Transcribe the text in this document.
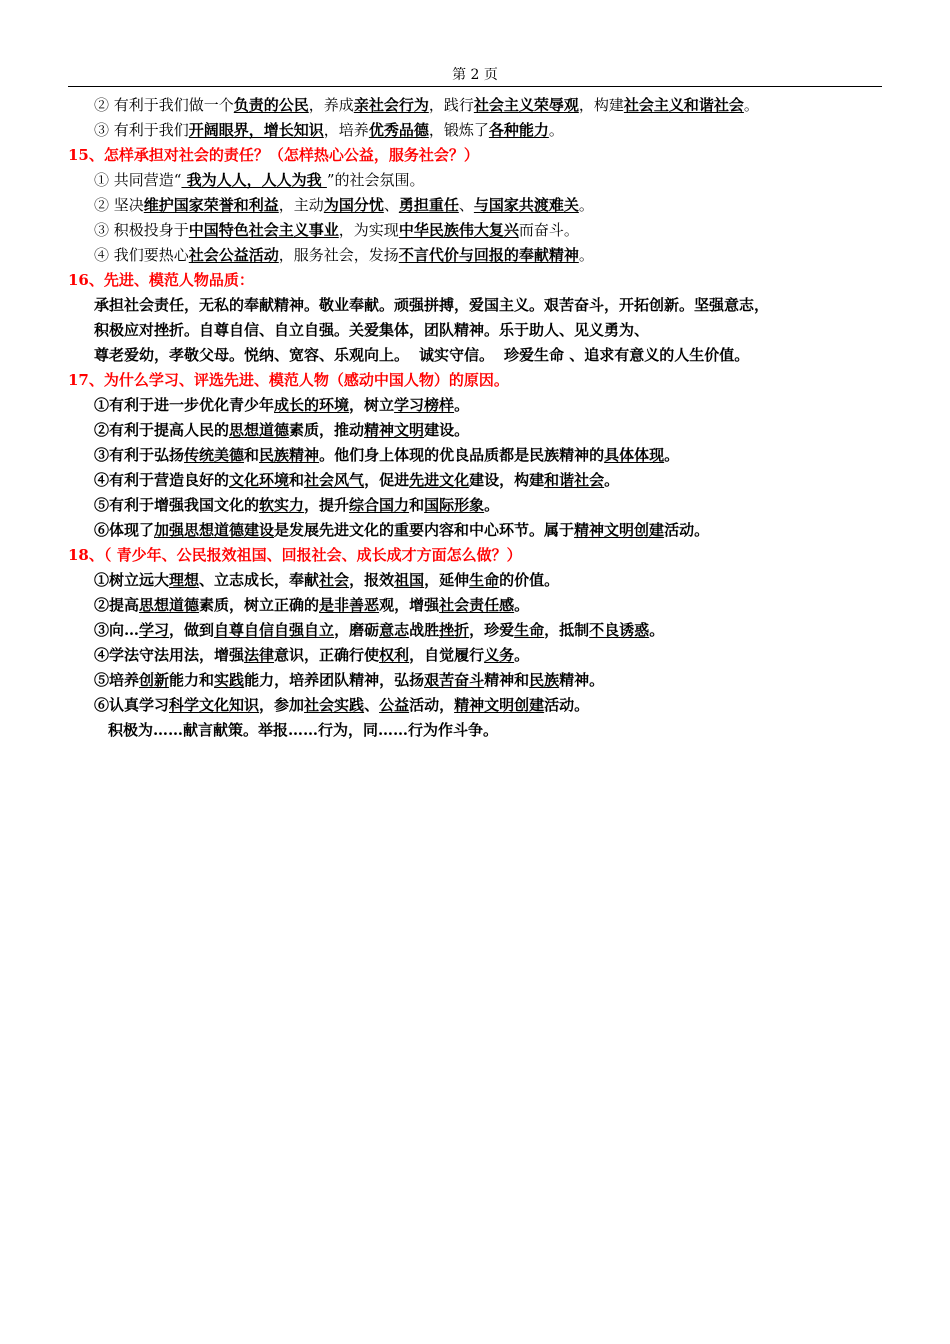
第 2 页
② 有利于我们做一个负责的公民，养成亲社会行为，践行社会主义荣辱观，构建社会主义和谐社会。
③ 有利于我们开阔眼界，增长知识，培养优秀品德，锻炼了各种能力。
15、怎样承担对社会的责任？（怎样热心公益，服务社会？）
① 共同营造“ 我为人人，人人为我 ”的社会氛围。
② 坚决维护国家荣誉和利益，主动为国分忧、勇担重任、与国家共渡难关。
③ 积极投身于中国特色社会主义事业，为实现中华民族伟大复兴而奋斗。
④ 我们要热心社会公益活动，服务社会，发扬不言代价与回报的奉献精神。
16、先进、模范人物品质：
承担社会责任，无私的奉献精神。敬业奉献。顽强拼搏，爱国主义。艰苦奋斗，开拓创新。坚强意志，
积极应对挫折。自尊自信、自立自强。关爱集体，团队精神。乐于助人、见义勇为、
尊老爱幼，孝敬父母。悦纳、宽容、乐观向上。 诚实守信。 珍爱生命 、追求有意义的人生价值。
17、为什么学习、评选先进、模范人物（感动中国人物）的原因。
①有利于进一步优化青少年成长的环境，树立学习榜样。
②有利于提高人民的思想道德素质，推动精神文明建设。
③有利于弘扬传统美德和民族精神。他们身上体现的优良品质都是民族精神的具体体现。
④有利于营造良好的文化环境和社会风气，促进先进文化建设，构建和谐社会。
⑤有利于增强我国文化的软实力，提升综合国力和国际形象。
⑥体现了加强思想道德建设是发展先进文化的重要内容和中心环节。属于精神文明创建活动。
18、（ 青少年、公民报效祖国、回报社会、成长成才方面怎么做？）
①树立远大理想、立志成长，奉献社会，报效祖国，延伸生命的价值。
②提高思想道德素质，树立正确的是非善恶观，增强社会责任感。
③向…学习，做到自尊自信自强自立，磨砺意志战胜挫折，珍爱生命，抵制不良诱惑。
④学法守法用法，增强法律意识，正确行使权利，自觉履行义务。
⑤培养创新能力和实践能力，培养团队精神，弘扬艰苦奋斗精神和民族精神。
⑥认真学习科学文化知识，参加社会实践、公益活动，精神文明创建活动。
积极为……献言献策。举报……行为，同……行为作斗争。
